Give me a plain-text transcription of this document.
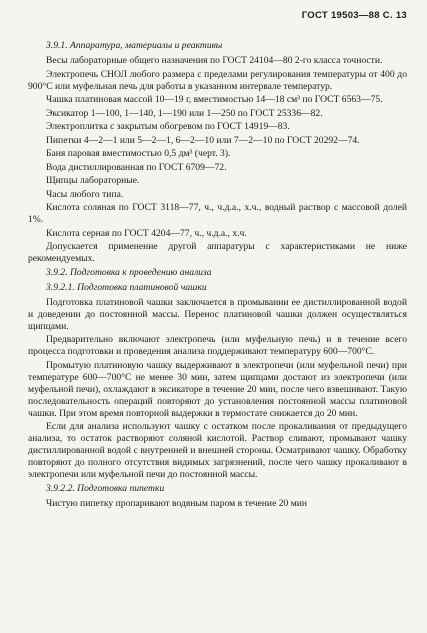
ГОСТ 19503—88 С. 13

3.9.1. Аппаратура, материалы и реактивы

Весы лабораторные общего назначения по ГОСТ 24104—80 2-го класса точности.

Электропечь СНОЛ любого размера с пределами регулирования температуры от 400 до 900°С или муфельная печь для работы в указанном интервале температур.

Чашка платиновая массой 10—19 г, вместимостью 14—18 см³ по ГОСТ 6563—75.

Эксикатор 1—100, 1—140, 1—190 или 1—250 по ГОСТ 25336—82.

Электроплитка с закрытым обогревом по ГОСТ 14919—83.

Пипетки 4—2—1 или 5—2—1, 6—2—10 или 7—2—10 по ГОСТ 20292—74.

Баня паровая вместимостью 0,5 дм³ (черт. 3).

Вода дистиллированная по ГОСТ 6709—72.

Щипцы лабораторные.

Часы любого типа.

Кислота соляная по ГОСТ 3118—77, ч., ч.д.а., х.ч., водный раствор с массовой долей 1%.

Кислота серная по ГОСТ 4204—77, ч., ч.д.а., х.ч.

Допускается применение другой аппаратуры с характеристиками не ниже рекомендуемых.

3.9.2. Подготовка к проведению анализа

3.9.2.1. Подготовка платиновой чашки

Подготовка платиновой чашки заключается в промывании ее дистиллированной водой и доведении до постоянной массы. Перенос платиновой чашки должен осуществляться щипцами.

Предварительно включают электропечь (или муфельную печь) и в течение всего процесса подготовки и проведения анализа поддерживают температуру 600—700°С.

Промытую платиновую чашку выдерживают в электропечи (или муфельной печи) при температуре 600—700°С не менее 30 мин, затем щипцами достают из электропечи (или муфельной печи), охлаждают в эксикаторе в течение 20 мин, после чего взвешивают. Такую последовательность операций повторяют до установления постоянной массы платиновой чашки. При этом время повторной выдержки в термостате снижается до 20 мин.

Если для анализа используют чашку с остатком после прокаливания от предыдущего анализа, то остаток растворяют соляной кислотой. Раствор сливают, промывают чашку дистиллированной водой с внутренней и внешней стороны. Осматривают чашку. Обработку повторяют до полного отсутствия видимых загрязнений, после чего чашку прокаливают в электропечи или муфельной печи до постоянной массы.

3.9.2.2. Подготовка пипетки

Чистую пипетку пропаривают водяным паром в течение 20 мин
